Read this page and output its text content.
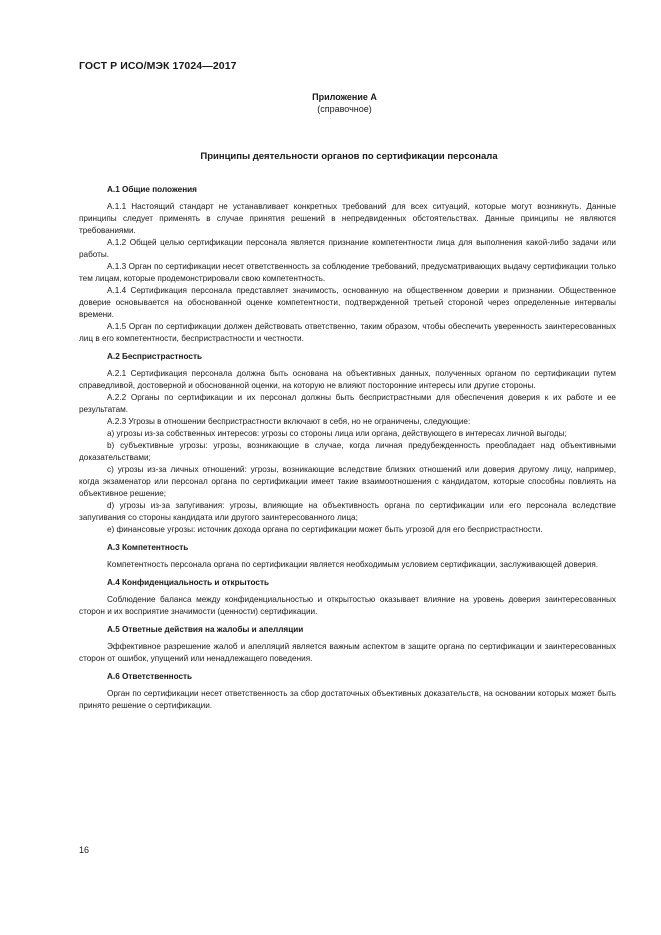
ГОСТ Р ИСО/МЭК 17024—2017
Приложение А
(справочное)
Принципы деятельности органов по сертификации персонала
А.1 Общие положения

А.1.1 Настоящий стандарт не устанавливает конкретных требований для всех ситуаций, которые могут возникнуть. Данные принципы следует применять в случае принятия решений в непредвиденных обстоятельствах. Данные принципы не являются требованиями.

А.1.2 Общей целью сертификации персонала является признание компетентности лица для выполнения какой-либо задачи или работы.

А.1.3 Орган по сертификации несет ответственность за соблюдение требований, предусматривающих выдачу сертификации только тем лицам, которые продемонстрировали свою компетентность.

А.1.4 Сертификация персонала представляет значимость, основанную на общественном доверии и признании. Общественное доверие основывается на обоснованной оценке компетентности, подтвержденной третьей стороной через определенные интервалы времени.

А.1.5 Орган по сертификации должен действовать ответственно, таким образом, чтобы обеспечить уверенность заинтересованных лиц в его компетентности, беспристрастности и честности.

А.2 Беспристрастность

А.2.1 Сертификация персонала должна быть основана на объективных данных, полученных органом по сертификации путем справедливой, достоверной и обоснованной оценки, на которую не влияют посторонние интересы или другие стороны.

А.2.2 Органы по сертификации и их персонал должны быть беспристрастными для обеспечения доверия к их работе и ее результатам.

А.2.3 Угрозы в отношении беспристрастности включают в себя, но не ограничены, следующие:

a) угрозы из-за собственных интересов: угрозы со стороны лица или органа, действующего в интересах личной выгоды;

b) субъективные угрозы: угрозы, возникающие в случае, когда личная предубежденность преобладает над объективными доказательствами;

c) угрозы из-за личных отношений: угрозы, возникающие вследствие близких отношений или доверия другому лицу, например, когда экзаменатор или персонал органа по сертификации имеет такие взаимоотношения с кандидатом, которые способны повлиять на объективное решение;

d) угрозы из-за запугивания: угрозы, влияющие на объективность органа по сертификации или его персонала вследствие запугивания со стороны кандидата или другого заинтересованного лица;

e) финансовые угрозы: источник дохода органа по сертификации может быть угрозой для его беспристрастности.

А.3 Компетентность

Компетентность персонала органа по сертификации является необходимым условием сертификации, заслуживающей доверия.

А.4 Конфиденциальность и открытость

Соблюдение баланса между конфиденциальностью и открытостью оказывает влияние на уровень доверия заинтересованных сторон и их восприятие значимости (ценности) сертификации.

А.5 Ответные действия на жалобы и апелляции

Эффективное разрешение жалоб и апелляций является важным аспектом в защите органа по сертификации и заинтересованных сторон от ошибок, упущений или ненадлежащего поведения.

А.6 Ответственность

Орган по сертификации несет ответственность за сбор достаточных объективных доказательств, на основании которых может быть принято решение о сертификации.

16
